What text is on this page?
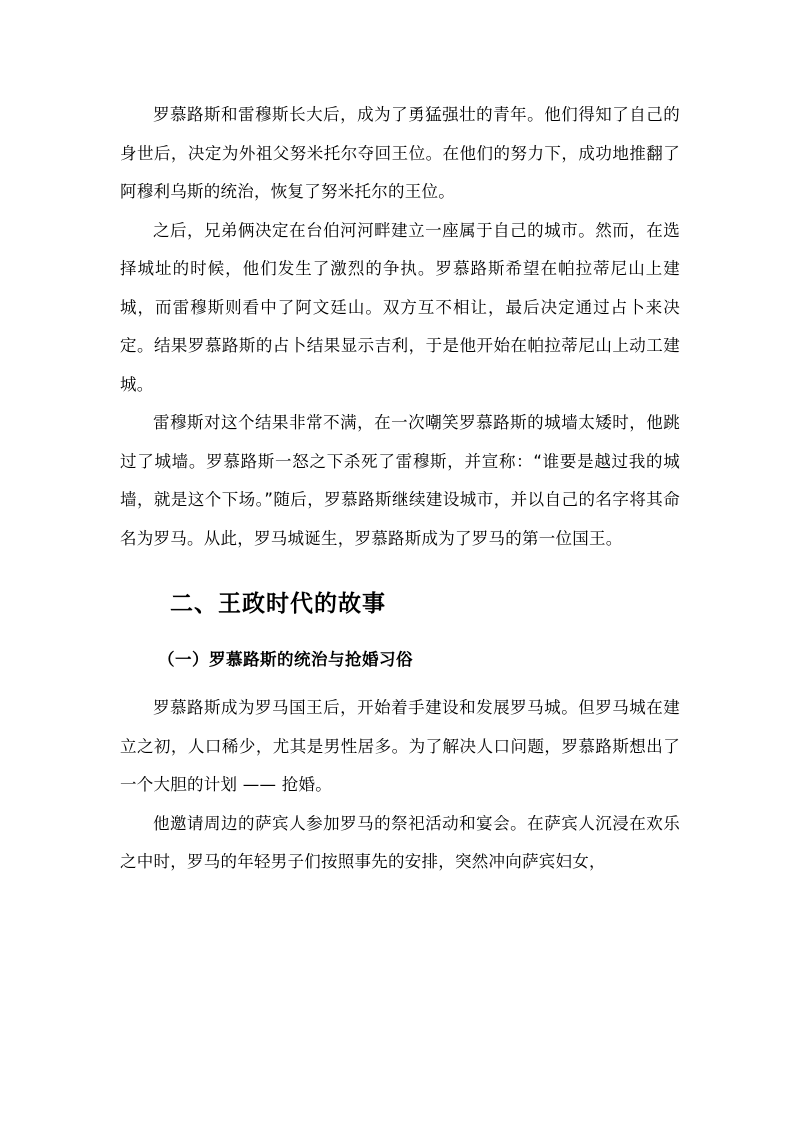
罗慕路斯和雷穆斯长大后，成为了勇猛强壮的青年。他们得知了自己的身世后，决定为外祖父努米托尔夺回王位。在他们的努力下，成功地推翻了阿穆利乌斯的统治，恢复了努米托尔的王位。

之后，兄弟俩决定在台伯河河畔建立一座属于自己的城市。然而，在选择城址的时候，他们发生了激烈的争执。罗慕路斯希望在帕拉蒂尼山上建城，而雷穆斯则看中了阿文廷山。双方互不相让，最后决定通过占卜来决定。结果罗慕路斯的占卜结果显示吉利，于是他开始在帕拉蒂尼山上动工建城。

雷穆斯对这个结果非常不满，在一次嘲笑罗慕路斯的城墙太矮时，他跳过了城墙。罗慕路斯一怒之下杀死了雷穆斯，并宣称：“谁要是越过我的城墙，就是这个下场。”随后，罗慕路斯继续建设城市，并以自己的名字将其命名为罗马。从此，罗马城诞生，罗慕路斯成为了罗马的第一位国王。

二、王政时代的故事
（一）罗慕路斯的统治与抢婚习俗

罗慕路斯成为罗马国王后，开始着手建设和发展罗马城。但罗马城在建立之初，人口稀少，尤其是男性居多。为了解决人口问题，罗慕路斯想出了一个大胆的计划 —— 抢婚。

他邀请周边的萨宾人参加罗马的祭祀活动和宴会。在萨宾人沉浸在欢乐之中时，罗马的年轻男子们按照事先的安排，突然冲向萨宾妇女，
